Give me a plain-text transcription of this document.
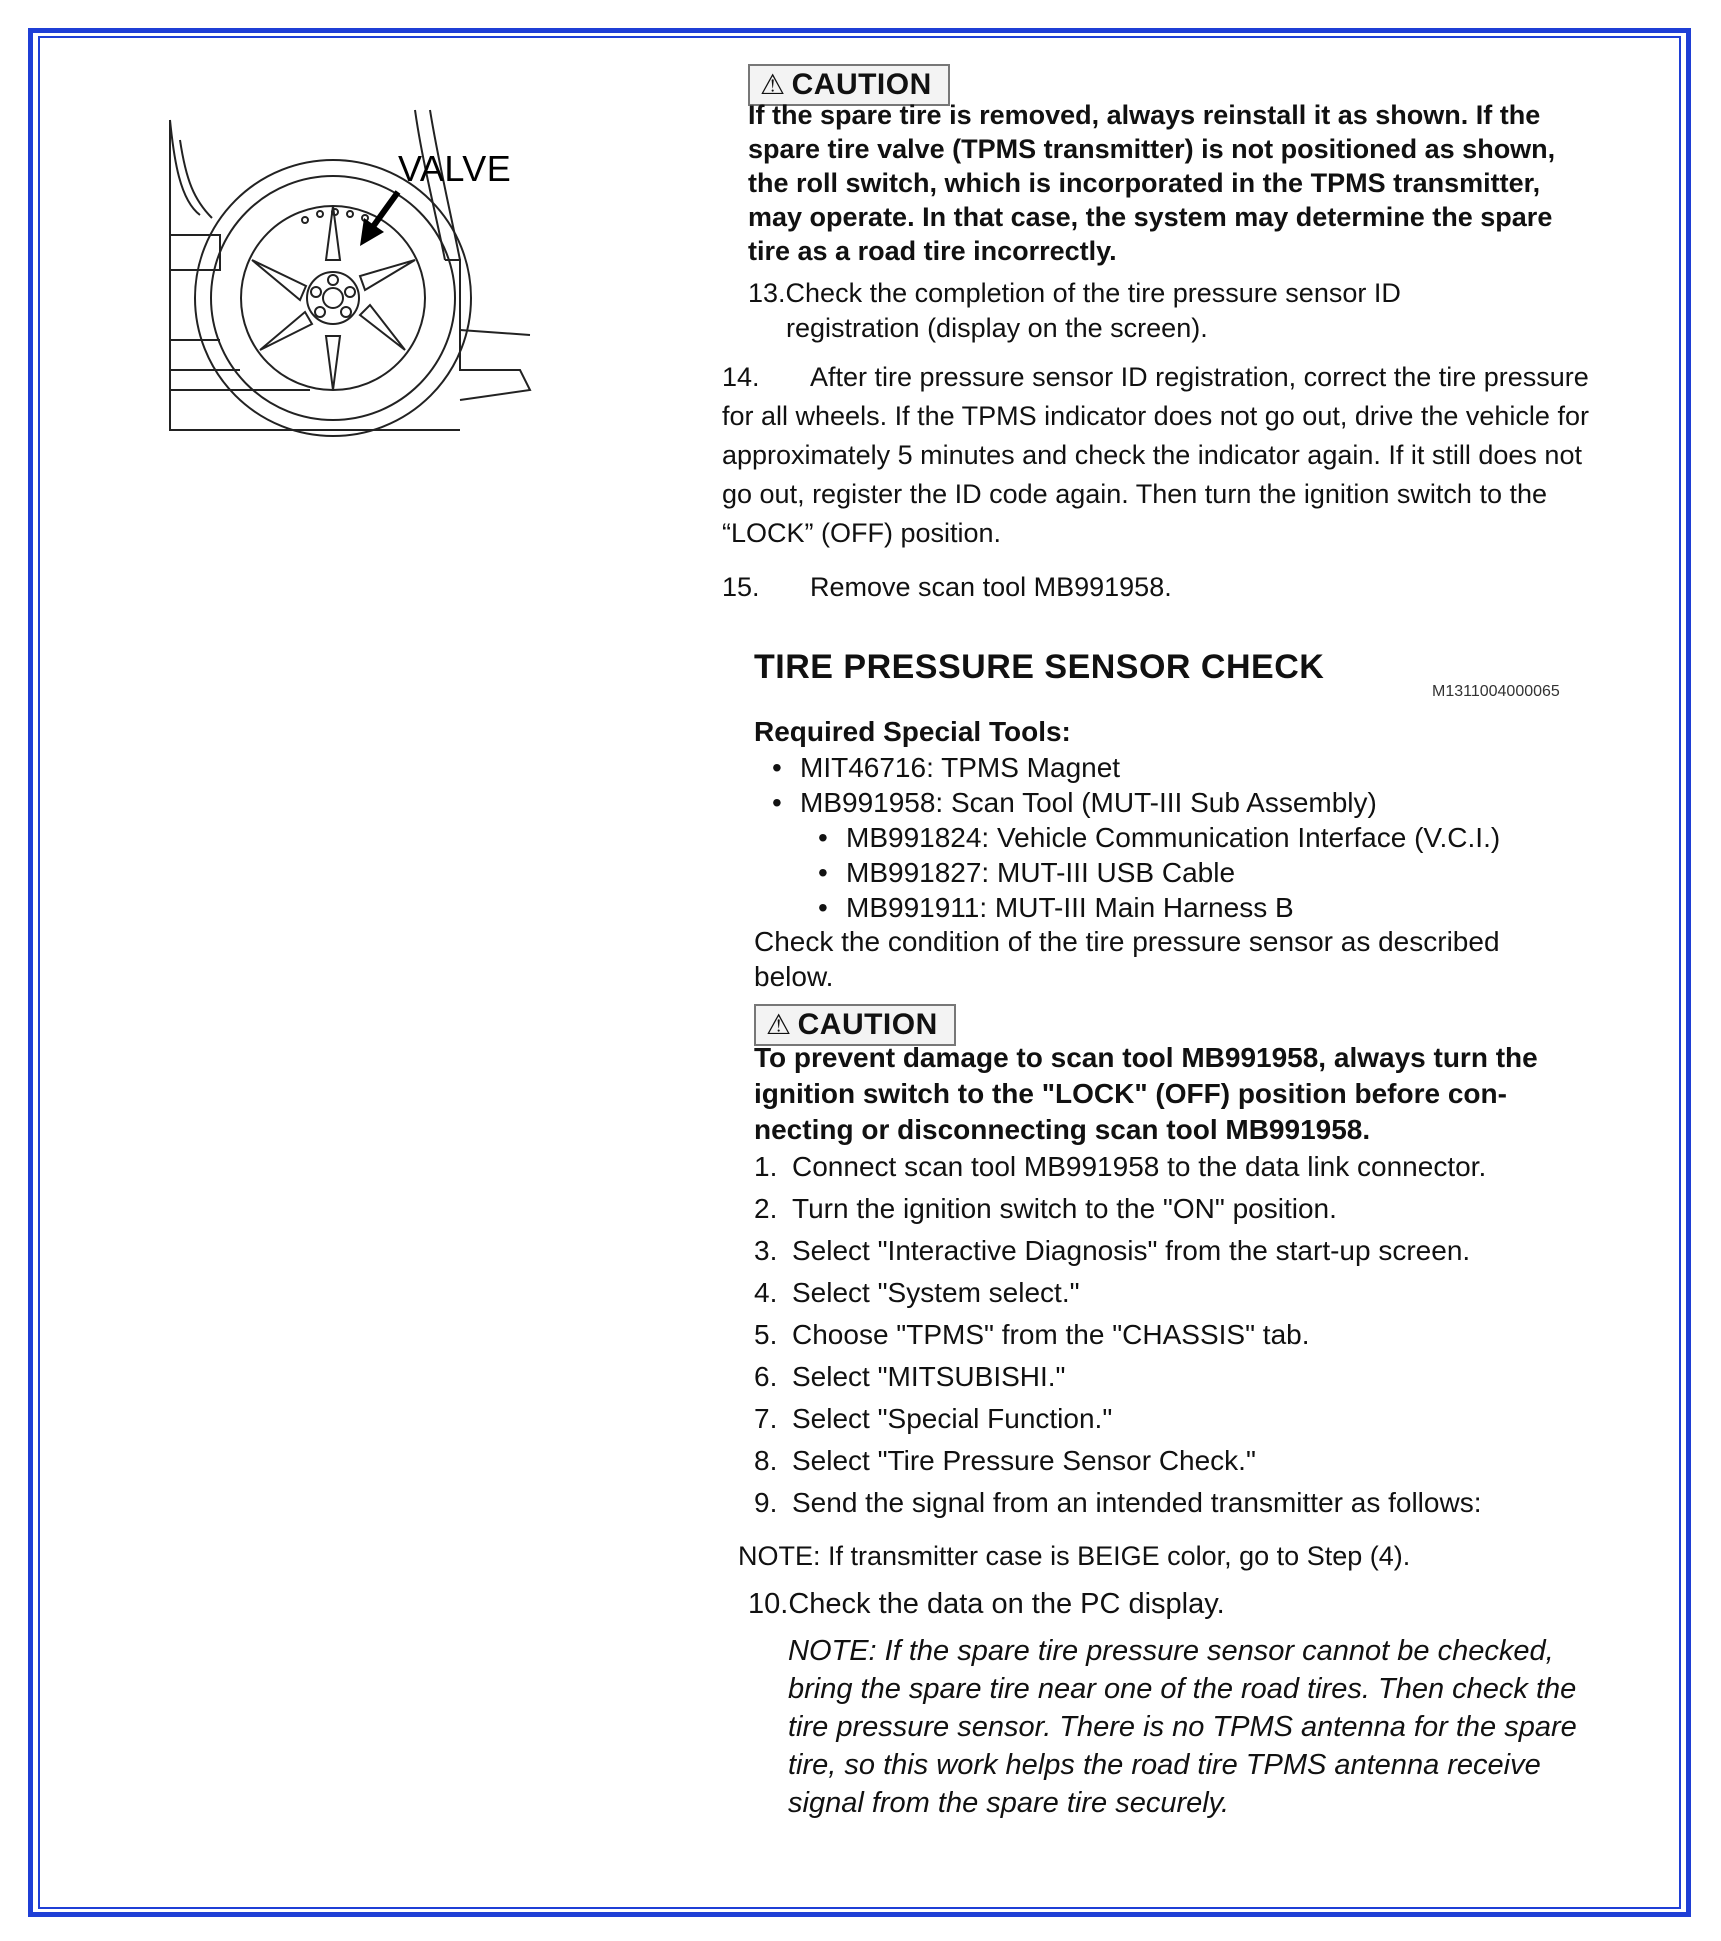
VALVE
⚠ CAUTION
If the spare tire is removed, always reinstall it as shown. If the spare tire valve (TPMS transmitter) is not positioned as shown, the roll switch, which is incorporated in the TPMS transmitter, may operate. In that case, the system may determine the spare tire as a road tire incorrectly.
13.Check the completion of the tire pressure sensor ID
registration (display on the screen).
14. After tire pressure sensor ID registration, correct the tire pressure for all wheels. If the TPMS indicator does not go out, drive the vehicle for approximately 5 minutes and check the indicator again. If it still does not go out, register the ID code again. Then turn the ignition switch to the “LOCK” (OFF) position.
15. Remove scan tool MB991958.
TIRE PRESSURE SENSOR CHECK
M1311004000065
Required Special Tools:
• MIT46716: TPMS Magnet
• MB991958: Scan Tool (MUT-III Sub Assembly)
• MB991824: Vehicle Communication Interface (V.C.I.)
• MB991827: MUT-III USB Cable
• MB991911: MUT-III Main Harness B
Check the condition of the tire pressure sensor as described below.
⚠ CAUTION
To prevent damage to scan tool MB991958, always turn the ignition switch to the "LOCK" (OFF) position before con-necting or disconnecting scan tool MB991958.
1. Connect scan tool MB991958 to the data link connector.
2. Turn the ignition switch to the "ON" position.
3. Select "Interactive Diagnosis" from the start-up screen.
4. Select "System select."
5. Choose "TPMS" from the "CHASSIS" tab.
6. Select "MITSUBISHI."
7. Select "Special Function."
8. Select "Tire Pressure Sensor Check."
9. Send the signal from an intended transmitter as follows:
NOTE: If transmitter case is BEIGE color, go to Step (4).
10.Check the data on the PC display.
NOTE: If the spare tire pressure sensor cannot be checked, bring the spare tire near one of the road tires. Then check the tire pressure sensor. There is no TPMS antenna for the spare tire, so this work helps the road tire TPMS antenna receive signal from the spare tire securely.
